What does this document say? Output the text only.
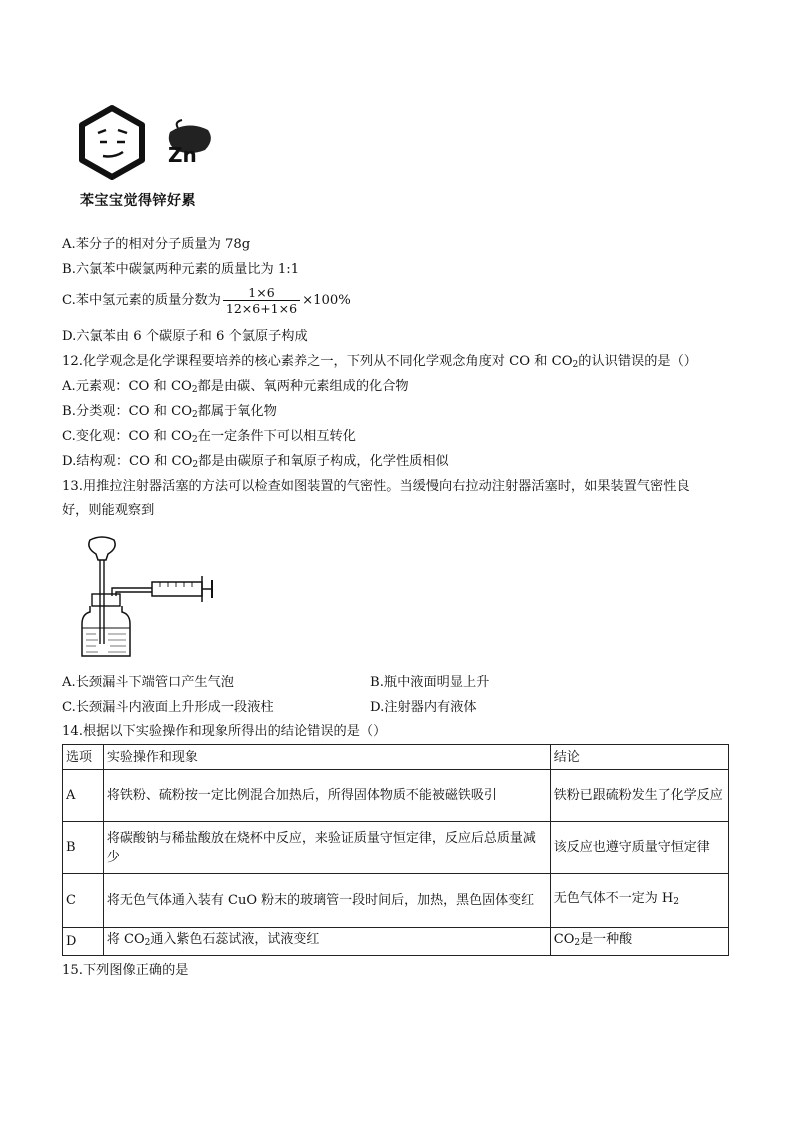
Zn
苯宝宝觉得锌好累
A.苯分子的相对分子质量为 78g
B.六氯苯中碳氯两种元素的质量比为 1:1
C.苯中氢元素的质量分数为 $\frac{1\times 6}{12\times 6+1\times 6} \times 100\%$
D.六氯苯由 6 个碳原子和 6 个氯原子构成
12.化学观念是化学课程要培养的核心素养之一，下列从不同化学观念角度对 CO 和 $CO_2$的认识错误的是（）
A.元素观：CO 和 $CO_2$都是由碳、氧两种元素组成的化合物
B.分类观：CO 和 $CO_2$都属于氧化物
C.变化观：CO 和 $CO_2$在一定条件下可以相互转化
D.结构观：CO 和 $CO_2$都是由碳原子和氧原子构成，化学性质相似
13.用推拉注射器活塞的方法可以检查如图装置的气密性。当缓慢向右拉动注射器活塞时，如果装置气密性良
好，则能观察到
A.长颈漏斗下端管口产生气泡	B.瓶中液面明显上升
C.长颈漏斗内液面上升形成一段液柱	D.注射器内有液体
14.根据以下实验操作和现象所得出的结论错误的是（）
选项	实验操作和现象	结论
A	将铁粉、硫粉按一定比例混合加热后，所得固体物质不能被磁铁吸引	铁粉已跟硫粉发生了化学反应
B	将碳酸钠与稀盐酸放在烧杯中反应，来验证质量守恒定律，反应后总质量减少	该反应也遵守质量守恒定律
C	将无色气体通入装有 CuO 粉末的玻璃管一段时间后，加热，黑色固体变红	无色气体不一定为 $H_2$
D	将 $CO_2$通入紫色石蕊试液，试液变红	$CO_2$是一种酸
15.下列图像正确的是
